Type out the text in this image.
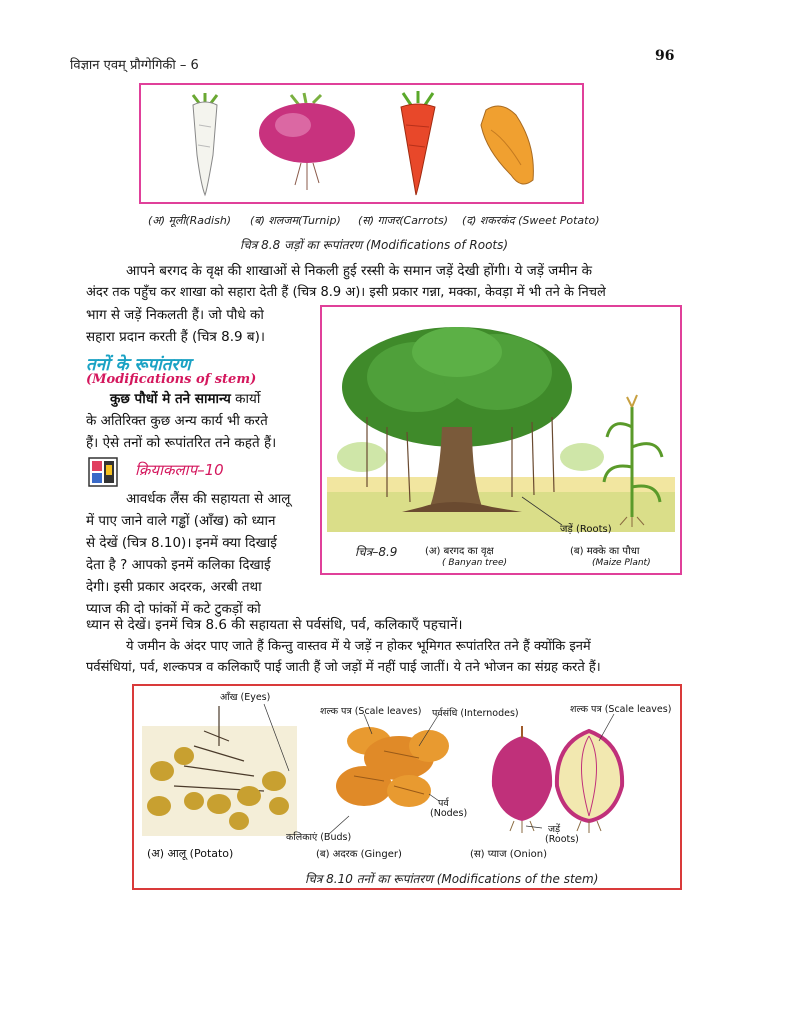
विज्ञान एवम् प्रौग्गेगिकी – 6
96
(अ) मूली(Radish) (ब) शलजम(Turnip) (स) गाजर(Carrots) (द) शकरकंद (Sweet Potato)
चित्र 8.8 जड़ों का रूपांतरण (Modifications of Roots)
आपने बरगद के वृक्ष की शाखाओं से निकली हुई रस्सी के समान जड़ें देखी होंगी। ये जड़ें जमीन के
अंदर तक पहुँच कर शाखा को सहारा देती हैं (चित्र 8.9 अ)। इसी प्रकार गन्ना, मक्का, केवड़ा में भी तने के निचले
भाग से जड़ें निकलती हैं। जो पौधे को
सहारा प्रदान करती हैं (चित्र 8.9 ब)।
तनों के रूपांतरण
(Modifications of stem)
कुछ पौधों मे तने सामान्य कार्यो
के अतिरिक्त कुछ अन्य कार्य भी करते
हैं। ऐसे तनों को रूपांतरित तने कहते हैं।
क्रियाकलाप–10
आवर्धक लैंस की सहायता से आलू
में पाए जाने वाले गड्ढों (आँख) को ध्यान
से देखें (चित्र 8.10)। इनमें क्या दिखाई
देता है ? आपको इनमें कलिका दिखाई
देगी। इसी प्रकार अदरक, अरबी तथा
प्याज की दो फांकों में कटे टुकड़ों को
ध्यान से देखें। इनमें चित्र 8.6 की सहायता से पर्वसंधि, पर्व, कलिकाएँ पहचानें।
जड़ें (Roots)
चित्र–8.9	(अ) बरगद का वृक्ष
( Banyan tree)
(ब) मक्के का पौधा
(Maize Plant)
ये जमीन के अंदर पाए जाते हैं किन्तु वास्तव में ये जड़ें न होकर भूमिगत रूपांतरित तने हैं क्योंकि इनमें
पर्वसंधियां, पर्व, शल्कपत्र व कलिकाएँ पाई जाती हैं जो जड़ों में नहीं पाई जातीं। ये तने भोजन का संग्रह करते हैं।
आँख (Eyes)
शल्क पत्र (Scale leaves) पर्वसंधि (Internodes)	शल्क पत्र (Scale leaves)
पर्व
(Nodes)
कलिकाएं (Buds)
जड़ें
(Roots)
(अ) आलू (Potato)	(ब) अदरक (Ginger)	(स) प्याज (Onion)
चित्र 8.10 तनों का रूपांतरण (Modifications of the stem)
